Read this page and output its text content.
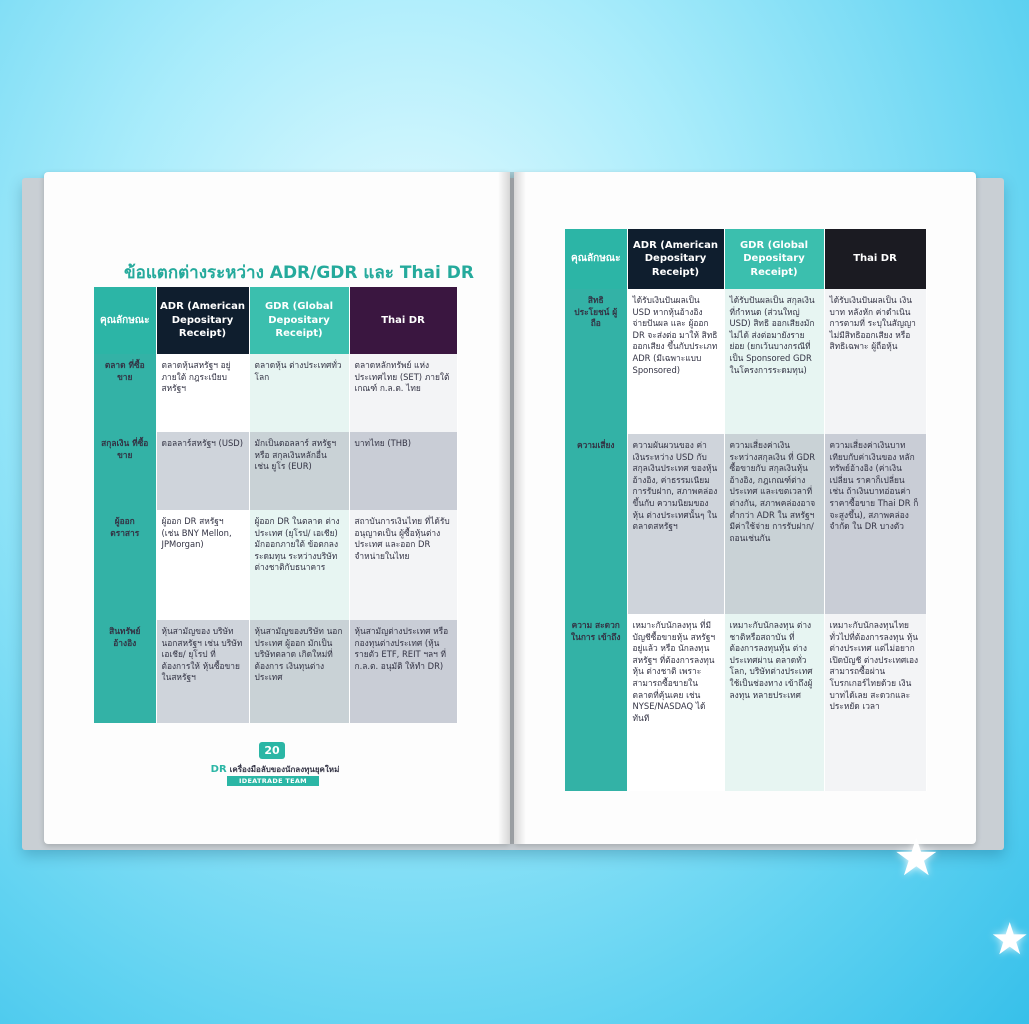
ข้อแตกต่างระหว่าง ADR/GDR และ Thai DR
คุณลักษณะ	ADR (American Depositary Receipt)	GDR (Global Depositary Receipt)	Thai DR
ตลาด ที่ซื้อขาย	ตลาดหุ้นสหรัฐฯ อยู่ภายใต้ กฎระเบียบสหรัฐฯ	ตลาดหุ้น ต่างประเทศทั่วโลก	ตลาดหลักทรัพย์ แห่งประเทศไทย (SET) ภายใต้ เกณฑ์ ก.ล.ต. ไทย
สกุลเงิน ที่ซื้อขาย	ดอลลาร์สหรัฐฯ (USD)	มักเป็นดอลลาร์ สหรัฐฯ หรือ สกุลเงินหลักอื่น เช่น ยูโร (EUR)	บาทไทย (THB)
ผู้ออก ตราสาร	ผู้ออก DR สหรัฐฯ (เช่น BNY Mellon, JPMorgan)	ผู้ออก DR ในตลาด ต่างประเทศ (ยุโรป/ เอเชีย) มักออกภายใต้ ข้อตกลงระดมทุน ระหว่างบริษัท ต่างชาติกับธนาคาร	สถาบันการเงินไทย ที่ได้รับอนุญาตเป็น ผู้ซื้อหุ้นต่างประเทศ และออก DR จำหน่ายในไทย
สินทรัพย์ อ้างอิง	หุ้นสามัญของ บริษัทนอกสหรัฐฯ เช่น บริษัทเอเชีย/ ยุโรป ที่ต้องการให้ หุ้นซื้อขายในสหรัฐฯ	หุ้นสามัญของบริษัท นอกประเทศ ผู้ออก มักเป็นบริษัทตลาด เกิดใหม่ที่ต้องการ เงินทุนต่างประเทศ	หุ้นสามัญต่างประเทศ หรือกองทุนต่างประเทศ (หุ้นรายตัว ETF, REIT ฯลฯ ที่ ก.ล.ต. อนุมัติ ให้ทำ DR)
20
DR เครื่องมือลับของนักลงทุนยุคใหม่
IDEATRADE TEAM
คุณลักษณะ	ADR (American Depositary Receipt)	GDR (Global Depositary Receipt)	Thai DR
สิทธิ ประโยชน์ ผู้ถือ	ได้รับเงินปันผลเป็น USD หากหุ้นอ้างอิง จ่ายปันผล และ ผู้ออก DR จะส่งต่อ มาให้ สิทธิออกเสียง ขึ้นกับประเภท ADR (มีเฉพาะแบบ Sponsored)	ได้รับปันผลเป็น สกุลเงินที่กำหนด (ส่วนใหญ่ USD) สิทธิ ออกเสียงมักไม่ได้ ส่งต่อมายังรายย่อย (ยกเว้นบางกรณีที่ เป็น Sponsored GDR ในโครงการระดมทุน)	ได้รับเงินปันผลเป็น เงินบาท หลังหัก ค่าดำเนินการตามที่ ระบุในสัญญา ไม่มีสิทธิออกเสียง หรือสิทธิเฉพาะ ผู้ถือหุ้น
ความเสี่ยง	ความผันผวนของ ค่าเงินระหว่าง USD กับสกุลเงินประเทศ ของหุ้นอ้างอิง, ค่าธรรมเนียม การรับฝาก, สภาพคล่องขึ้นกับ ความนิยมของหุ้น ต่างประเทศนั้นๆ ในตลาดสหรัฐฯ	ความเสี่ยงค่าเงิน ระหว่างสกุลเงิน ที่ GDR ซื้อขายกับ สกุลเงินหุ้นอ้างอิง, กฎเกณฑ์ต่างประเทศ และเขตเวลาที่ต่างกัน, สภาพคล่องอาจ ต่ำกว่า ADR ใน สหรัฐฯ มีค่าใช้จ่าย การรับฝาก/ถอนเช่นกัน	ความเสี่ยงค่าเงินบาท เทียบกับค่าเงินของ หลักทรัพย์อ้างอิง (ค่าเงินเปลี่ยน ราคาก็เปลี่ยน เช่น ถ้าเงินบาทอ่อนค่า ราคาซื้อขาย Thai DR ก็จะสูงขึ้น), สภาพคล่องจำกัด ใน DR บางตัว
ความ สะดวก ในการ เข้าถึง	เหมาะกับนักลงทุน ที่มีบัญชีซื้อขายหุ้น สหรัฐฯ อยู่แล้ว หรือ นักลงทุนสหรัฐฯ ที่ต้องการลงทุนหุ้น ต่างชาติ เพราะ สามารถซื้อขายใน ตลาดที่คุ้นเคย เช่น NYSE/NASDAQ ได้ทันที	เหมาะกับนักลงทุน ต่างชาติหรือสถาบัน ที่ต้องการลงทุนหุ้น ต่างประเทศผ่าน ตลาดทั่วโลก, บริษัทต่างประเทศ ใช้เป็นช่องทาง เข้าถึงผู้ลงทุน หลายประเทศ	เหมาะกับนักลงทุนไทย ทั่วไปที่ต้องการลงทุน หุ้นต่างประเทศ แต่ไม่อยากเปิดบัญชี ต่างประเทศเอง สามารถซื้อผ่าน โบรกเกอร์ไทยด้วย เงินบาทได้เลย สะดวกและประหยัด เวลา
★
★
